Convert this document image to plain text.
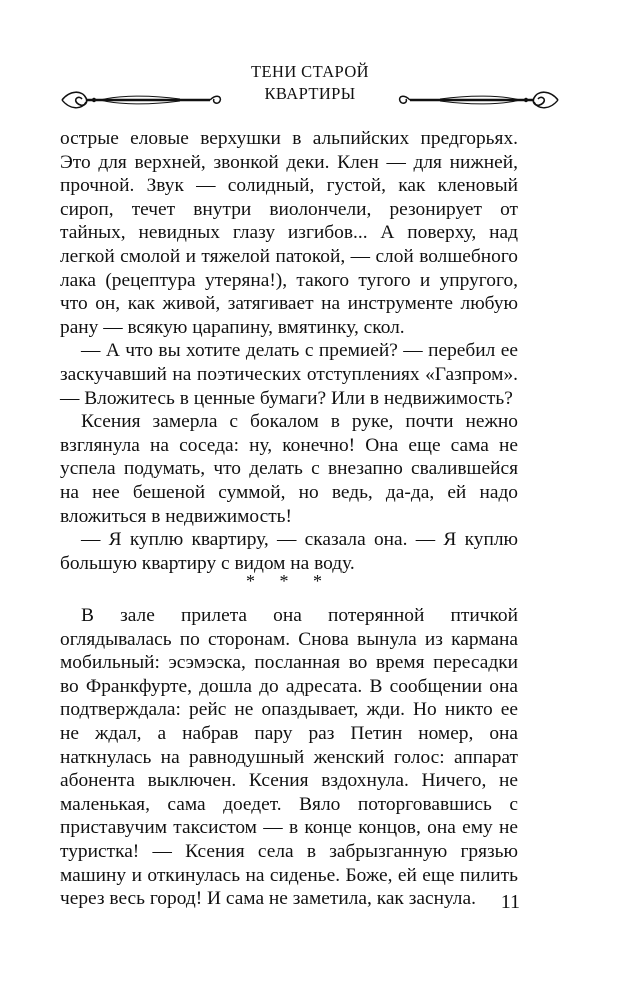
ТЕНИ СТАРОЙ
КВАРТИРЫ

острые еловые верхушки в альпийских предгорьях. Это для верхней, звонкой деки. Клен — для нижней, прочной. Звук — солидный, густой, как кленовый сироп, течет внутри виолончели, резонирует от тайных, невидных глазу изгибов... А поверху, над легкой смолой и тяжелой патокой, — слой волшебного лака (рецептура утеряна!), такого тугого и упругого, что он, как живой, затягивает на инструменте любую рану — всякую царапину, вмятинку, скол.

— А что вы хотите делать с премией? — перебил ее заскучавший на поэтических отступлениях «Газпром». — Вложитесь в ценные бумаги? Или в недвижимость?

Ксения замерла с бокалом в руке, почти нежно взглянула на соседа: ну, конечно! Она еще сама не успела подумать, что делать с внезапно свалившейся на нее бешеной суммой, но ведь, да-да, ей надо вложиться в недвижимость!

— Я куплю квартиру, — сказала она. — Я куплю большую квартиру с видом на воду.

* * *

В зале прилета она потерянной птичкой оглядывалась по сторонам. Снова вынула из кармана мобильный: эсэмэска, посланная во время пересадки во Франкфурте, дошла до адресата. В сообщении она подтверждала: рейс не опаздывает, жди. Но никто ее не ждал, а набрав пару раз Петин номер, она наткнулась на равнодушный женский голос: аппарат абонента выключен. Ксения вздохнула. Ничего, не маленькая, сама доедет. Вяло поторговавшись с приставучим таксистом — в конце концов, она ему не туристка! — Ксения села в забрызганную грязью машину и откинулась на сиденье. Боже, ей еще пилить через весь город! И сама не заметила, как заснула.	11
